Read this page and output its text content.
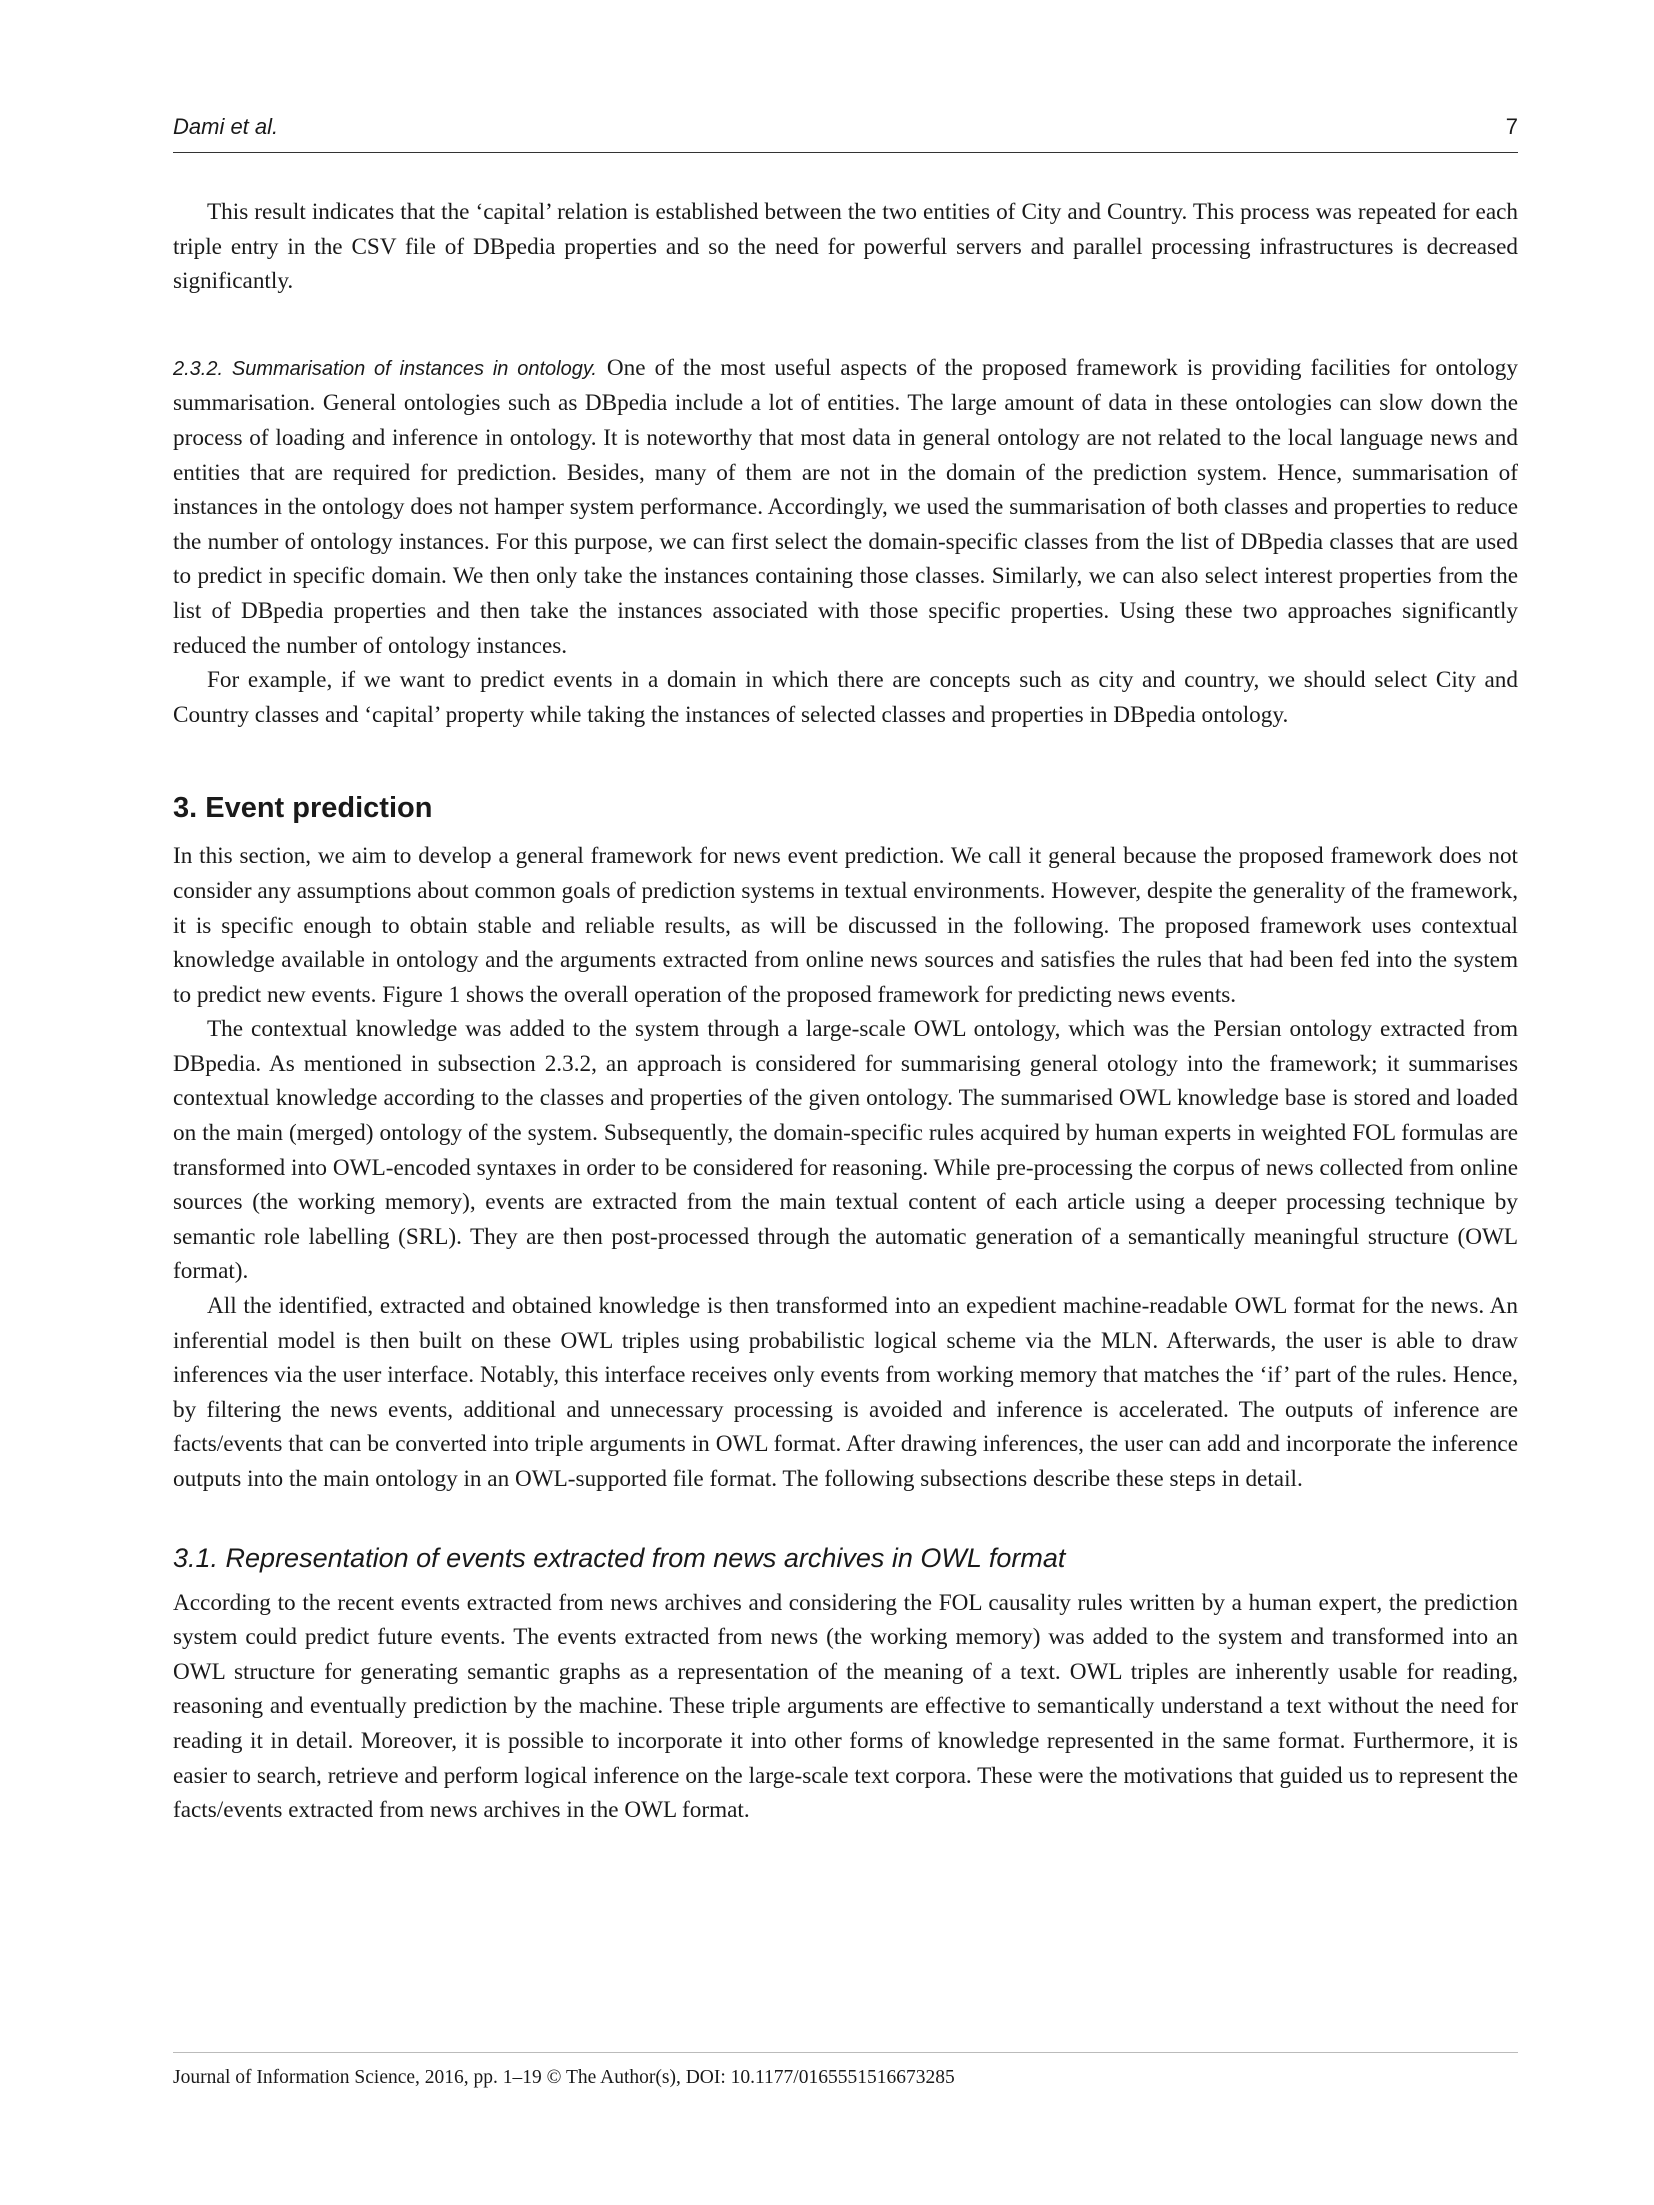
Dami et al.	7

This result indicates that the ‘capital’ relation is established between the two entities of City and Country. This process was repeated for each triple entry in the CSV file of DBpedia properties and so the need for powerful servers and parallel processing infrastructures is decreased significantly.

2.3.2. Summarisation of instances in ontology. One of the most useful aspects of the proposed framework is providing facilities for ontology summarisation. General ontologies such as DBpedia include a lot of entities. The large amount of data in these ontologies can slow down the process of loading and inference in ontology. It is noteworthy that most data in general ontology are not related to the local language news and entities that are required for prediction. Besides, many of them are not in the domain of the prediction system. Hence, summarisation of instances in the ontology does not hamper system performance. Accordingly, we used the summarisation of both classes and properties to reduce the number of ontology instances. For this purpose, we can first select the domain-specific classes from the list of DBpedia classes that are used to predict in specific domain. We then only take the instances containing those classes. Similarly, we can also select interest properties from the list of DBpedia properties and then take the instances associated with those specific properties. Using these two approaches significantly reduced the number of ontology instances.

For example, if we want to predict events in a domain in which there are concepts such as city and country, we should select City and Country classes and ‘capital’ property while taking the instances of selected classes and properties in DBpedia ontology.

3. Event prediction

In this section, we aim to develop a general framework for news event prediction. We call it general because the proposed framework does not consider any assumptions about common goals of prediction systems in textual environments. However, despite the generality of the framework, it is specific enough to obtain stable and reliable results, as will be discussed in the following. The proposed framework uses contextual knowledge available in ontology and the arguments extracted from online news sources and satisfies the rules that had been fed into the system to predict new events. Figure 1 shows the overall operation of the proposed framework for predicting news events.

The contextual knowledge was added to the system through a large-scale OWL ontology, which was the Persian ontology extracted from DBpedia. As mentioned in subsection 2.3.2, an approach is considered for summarising general otology into the framework; it summarises contextual knowledge according to the classes and properties of the given ontology. The summarised OWL knowledge base is stored and loaded on the main (merged) ontology of the system. Subsequently, the domain-specific rules acquired by human experts in weighted FOL formulas are transformed into OWL-encoded syntaxes in order to be considered for reasoning. While pre-processing the corpus of news collected from online sources (the working memory), events are extracted from the main textual content of each article using a deeper processing technique by semantic role labelling (SRL). They are then post-processed through the automatic generation of a semantically meaningful structure (OWL format).

All the identified, extracted and obtained knowledge is then transformed into an expedient machine-readable OWL format for the news. An inferential model is then built on these OWL triples using probabilistic logical scheme via the MLN. Afterwards, the user is able to draw inferences via the user interface. Notably, this interface receives only events from working memory that matches the ‘if’ part of the rules. Hence, by filtering the news events, additional and unnecessary processing is avoided and inference is accelerated. The outputs of inference are facts/events that can be converted into triple arguments in OWL format. After drawing inferences, the user can add and incorporate the inference outputs into the main ontology in an OWL-supported file format. The following subsections describe these steps in detail.

3.1. Representation of events extracted from news archives in OWL format

According to the recent events extracted from news archives and considering the FOL causality rules written by a human expert, the prediction system could predict future events. The events extracted from news (the working memory) was added to the system and transformed into an OWL structure for generating semantic graphs as a representation of the meaning of a text. OWL triples are inherently usable for reading, reasoning and eventually prediction by the machine. These triple arguments are effective to semantically understand a text without the need for reading it in detail. Moreover, it is possible to incorporate it into other forms of knowledge represented in the same format. Furthermore, it is easier to search, retrieve and perform logical inference on the large-scale text corpora. These were the motivations that guided us to represent the facts/events extracted from news archives in the OWL format.

Journal of Information Science, 2016, pp. 1–19 © The Author(s), DOI: 10.1177/0165551516673285
